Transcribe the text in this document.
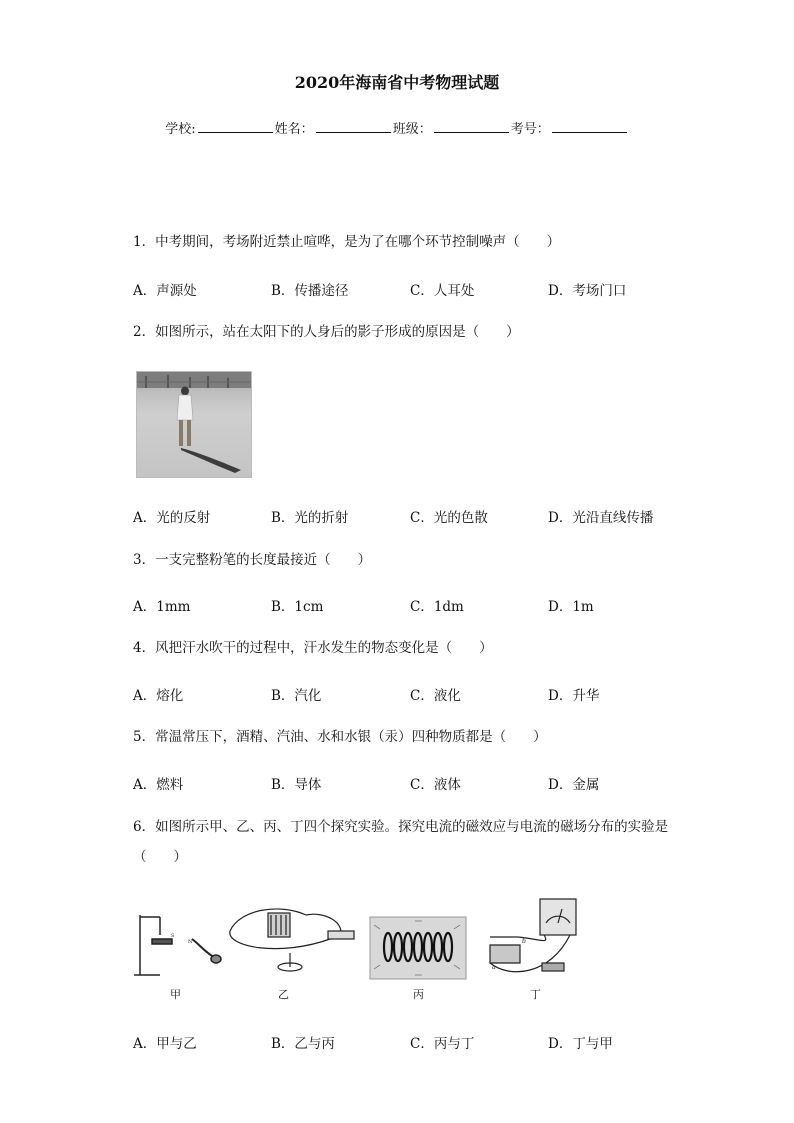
2020年海南省中考物理试题
学校:	姓名：	班级：	考号：
1．中考期间，考场附近禁止喧哗，是为了在哪个环节控制噪声（　　）
A．声源处	B．传播途径	C．人耳处	D．考场门口
2．如图所示，站在太阳下的人身后的影子形成的原因是（　　）
A．光的反射	B．光的折射	C．光的色散	D．光沿直线传播
3．一支完整粉笔的长度最接近（　　）
A．1mm	B．1cm	C．1dm	D．1m
4．风把汗水吹干的过程中，汗水发生的物态变化是（　　）
A．熔化	B．汽化	C．液化	D．升华
5．常温常压下，酒精、汽油、水和水银（汞）四种物质都是（　　）
A．燃料	B．导体	C．液体	D．金属
6．如图所示甲、乙、丙、丁四个探究实验。探究电流的磁效应与电流的磁场分布的实验是
（　　）
S
N	b
a
甲	乙	丙	丁
A．甲与乙	B．乙与丙	C．丙与丁	D．丁与甲
